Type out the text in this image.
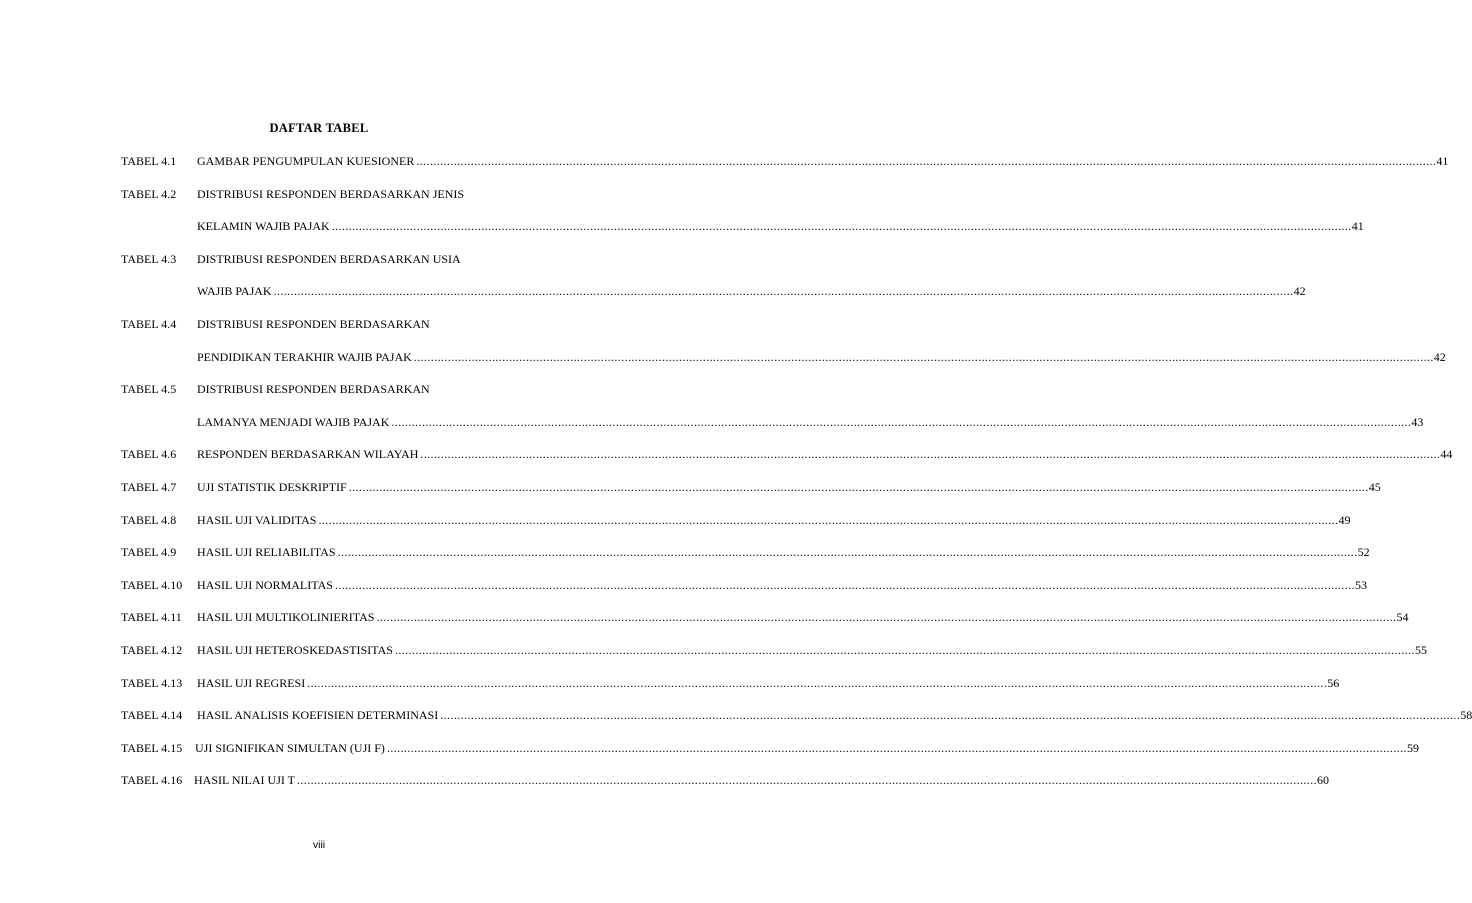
DAFTAR TABEL
TABEL 4.1 GAMBAR PENGUMPULAN KUESIONER ............................................................................................................................................................................................................................................................................................................ 41
TABEL 4.2 DISTRIBUSI RESPONDEN BERDASARKAN JENIS
KELAMIN WAJIB PAJAK ............................................................................................................................................................................................................................................................................................................ 41
TABEL 4.3 DISTRIBUSI RESPONDEN BERDASARKAN USIA
WAJIB PAJAK ............................................................................................................................................................................................................................................................................................................ 42
TABEL 4.4 DISTRIBUSI RESPONDEN BERDASARKAN
PENDIDIKAN TERAKHIR WAJIB PAJAK ............................................................................................................................................................................................................................................................................................................ 42
TABEL 4.5 DISTRIBUSI RESPONDEN BERDASARKAN
LAMANYA MENJADI WAJIB PAJAK ............................................................................................................................................................................................................................................................................................................ 43
TABEL 4.6 RESPONDEN BERDASARKAN WILAYAH ............................................................................................................................................................................................................................................................................................................ 44
TABEL 4.7 UJI STATISTIK DESKRIPTIF ............................................................................................................................................................................................................................................................................................................ 45
TABEL 4.8 HASIL UJI VALIDITAS ............................................................................................................................................................................................................................................................................................................ 49
TABEL 4.9 HASIL UJI RELIABILITAS ............................................................................................................................................................................................................................................................................................................ 52
TABEL 4.10 HASIL UJI NORMALITAS ............................................................................................................................................................................................................................................................................................................ 53
TABEL 4.11 HASIL UJI MULTIKOLINIERITAS ............................................................................................................................................................................................................................................................................................................ 54
TABEL 4.12 HASIL UJI HETEROSKEDASTISITAS ............................................................................................................................................................................................................................................................................................................ 55
TABEL 4.13 HASIL UJI REGRESI ............................................................................................................................................................................................................................................................................................................ 56
TABEL 4.14 HASIL ANALISIS KOEFISIEN DETERMINASI ............................................................................................................................................................................................................................................................................................................ 58
TABEL 4.15 UJI SIGNIFIKAN SIMULTAN (UJI F) ............................................................................................................................................................................................................................................................................................................ 59
TABEL 4.16 HASIL NILAI UJI T ............................................................................................................................................................................................................................................................................................................ 60
viii
